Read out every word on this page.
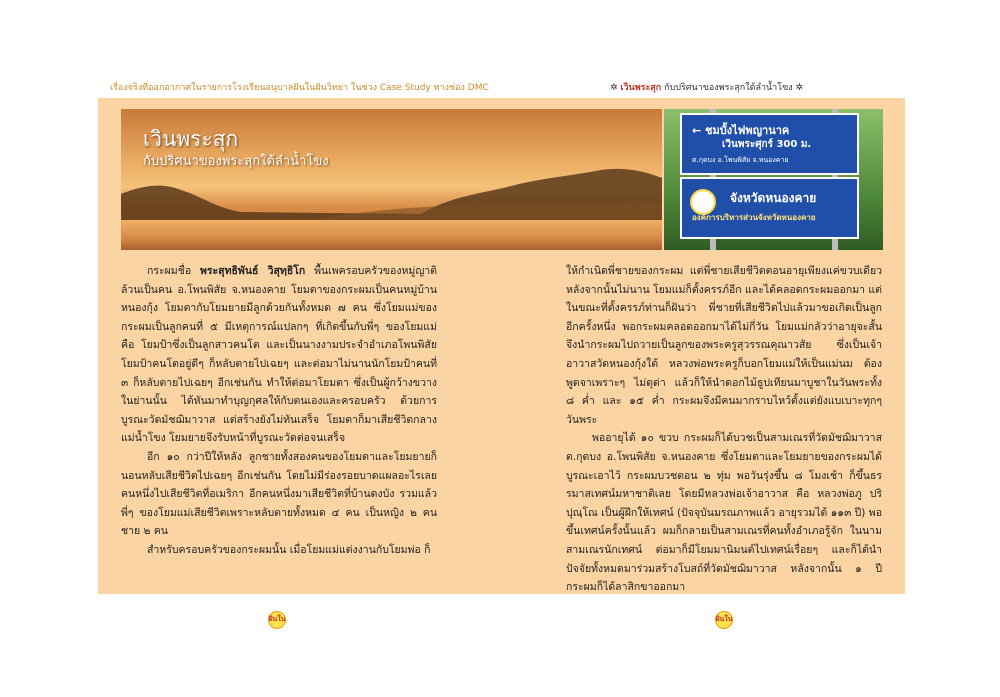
เรื่องจริงที่ออกอากาศในรายการโรงเรียนอนุบาลฝันในฝันวิทยา ในช่วง Case Study ทางช่อง DMC	✲ เวินพระสุก กับปริศนาของพระสุกใต้ลำน้ำโขง ✲
เวินพระสุก
กับปริศนาของพระสุกใต้ลำน้ำโขง
← ชมบั้งไฟพญานาค
เวินพระศุกร์ 300 ม.
ต.กุดบง อ.โพนพิสัย จ.หนองคาย
จังหวัดหนองคาย
องค์การบริหารส่วนจังหวัดหนองคาย

กระผมชื่อ พระสุทธิพันธ์ วิสุทฺธิโก พื้นเพครอบครัวของหมู่ญาติล้วนเป็นคน อ.โพนพิสัย จ.หนองคาย โยมตาของกระผมเป็นคนหมู่บ้านหนองกุ้ง โยมตากับโยมยายมีลูกด้วยกันทั้งหมด ๗ คน ซึ่งโยมแม่ของกระผมเป็นลูกคนที่ ๕ มีเหตุการณ์แปลกๆ ที่เกิดขึ้นกับพี่ๆ ของโยมแม่ คือ โยมป้าซึ่งเป็นลูกสาวคนโต และเป็นนางงามประจำอำเภอโพนพิสัย โยมป้าคนโตอยู่ดีๆ ก็หลับตายไปเฉยๆ และต่อมาไม่นานนักโยมป้าคนที่ ๓ ก็หลับตายไปเฉยๆ อีกเช่นกัน ทำให้ต่อมาโยมตา ซึ่งเป็นผู้กว้างขวางในย่านนั้น ได้หันมาทำบุญกุศลให้กับตนเองและครอบครัว ด้วยการบูรณะวัดมัชฌิมาวาส แต่สร้างยังไม่ทันเสร็จ โยมตาก็มาเสียชีวิตกลางแม่น้ำโขง โยมยายจึงรับหน้าที่บูรณะวัดต่อจนเสร็จ

อีก ๑๐ กว่าปีให้หลัง ลูกชายทั้งสองคนของโยมตาและโยมยายก็นอนหลับเสียชีวิตไปเฉยๆ อีกเช่นกัน โดยไม่มีร่องรอยบาดแผลอะไรเลย คนหนึ่งไปเสียชีวิตที่อเมริกา อีกคนหนึ่งมาเสียชีวิตที่บ้านดงบัง รวมแล้วพี่ๆ ของโยมแม่เสียชีวิตเพราะหลับตายทั้งหมด ๔ คน เป็นหญิง ๒ คน ชาย ๒ คน

สำหรับครอบครัวของกระผมนั้น เมื่อโยมแม่แต่งงานกับโยมพ่อ ก็

ให้กำเนิดพี่ชายของกระผม แต่พี่ชายเสียชีวิตตอนอายุเพียงแค่ขวบเดียว หลังจากนั้นไม่นาน โยมแม่ก็ตั้งครรภ์อีก และได้คลอดกระผมออกมา แต่ในขณะที่ตั้งครรภ์ท่านก็ฝันว่า พี่ชายที่เสียชีวิตไปแล้วมาขอเกิดเป็นลูกอีกครั้งหนึ่ง พอกระผมคลอดออกมาได้ไม่กี่วัน โยมแม่กลัวว่าอายุจะสั้น จึงนำกระผมไปถวายเป็นลูกของพระครูสุวรรณคุณาวสัย ซึ่งเป็นเจ้าอาวาสวัดหนองกุ้งใต้ หลวงพ่อพระครูก็บอกโยมแม่ให้เป็นแม่นม ต้องพูดจาเพราะๆ ไม่ดุด่า แล้วก็ให้นำดอกไม้ธูปเทียนมาบูชาในวันพระทั้ง ๘ ค่ำ และ ๑๕ ค่ำ กระผมจึงมีคนมากราบไหว้ตั้งแต่ยังแบเบาะทุกๆ วันพระ

พออายุได้ ๑๐ ขวบ กระผมก็ได้บวชเป็นสามเณรที่วัดมัชฌิมาวาส ต.กุดบง อ.โพนพิสัย จ.หนองคาย ซึ่งโยมตาและโยมยายของกระผมได้บูรณะเอาไว้ กระผมบวชตอน ๒ ทุ่ม พอวันรุ่งขึ้น ๘ โมงเช้า ก็ขึ้นธรรมาสเทศน์มหาชาติเลย โดยมีหลวงพ่อเจ้าอาวาส คือ หลวงพ่อภู ปริปุณฺโณ เป็นผู้ฝึกให้เทศน์ (ปัจจุบันมรณภาพแล้ว อายุรวมได้ ๑๑๓ ปี) พอขึ้นเทศน์ครั้งนั้นแล้ว ผมก็กลายเป็นสามเณรที่คนทั้งอำเภอรู้จัก ในนามสามเณรนักเทศน์ ต่อมาก็มีโยมมานิมนต์ไปเทศน์เรื่อยๆ และก็ได้นำปัจจัยทั้งหมดมาร่วมสร้างโบสถ์ที่วัดมัชฌิมาวาส หลังจากนั้น ๑ ปี กระผมก็ได้ลาสิกขาออกมา

ฝันใน	ฝันใน
